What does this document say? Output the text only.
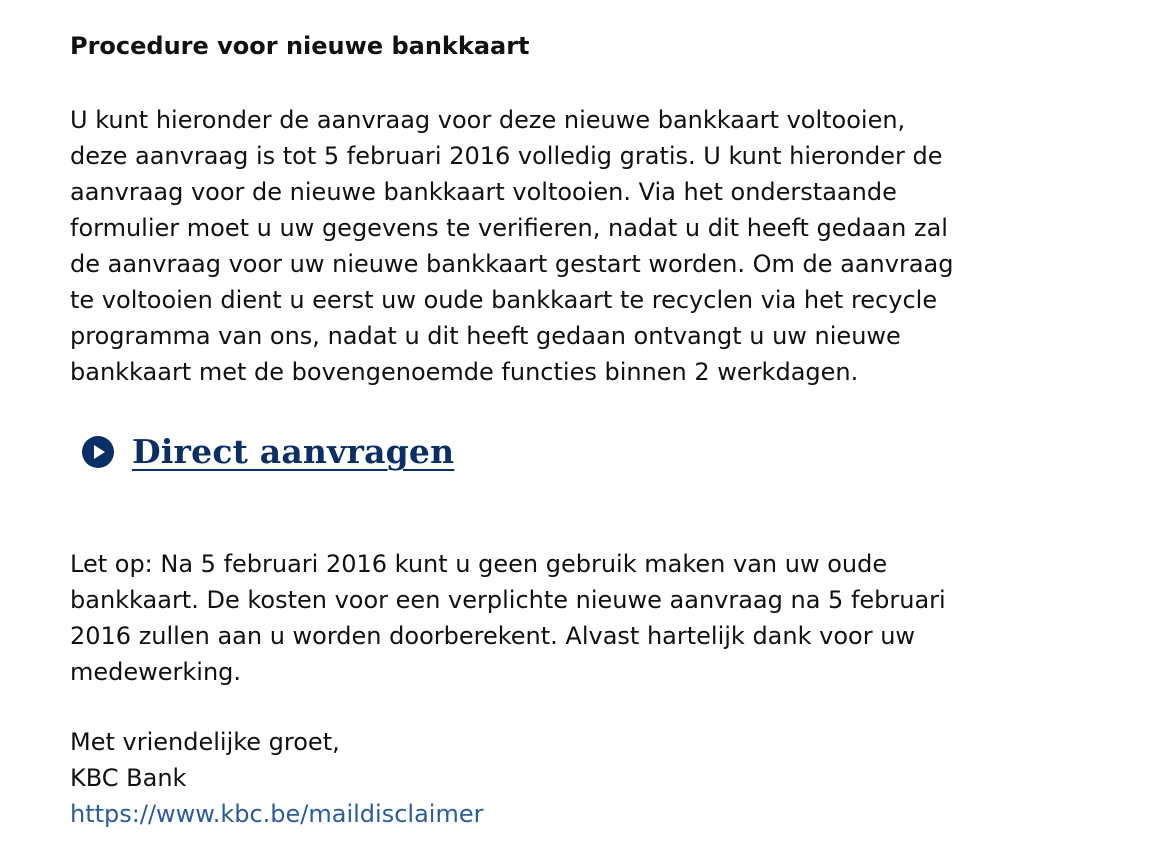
Procedure voor nieuwe bankkaart

U kunt hieronder de aanvraag voor deze nieuwe bankkaart voltooien,
deze aanvraag is tot 5 februari 2016 volledig gratis. U kunt hieronder de
aanvraag voor de nieuwe bankkaart voltooien. Via het onderstaande
formulier moet u uw gegevens te verifieren, nadat u dit heeft gedaan zal
de aanvraag voor uw nieuwe bankkaart gestart worden. Om de aanvraag
te voltooien dient u eerst uw oude bankkaart te recyclen via het recycle
programma van ons, nadat u dit heeft gedaan ontvangt u uw nieuwe
bankkaart met de bovengenoemde functies binnen 2 werkdagen.

Direct aanvragen

Let op: Na 5 februari 2016 kunt u geen gebruik maken van uw oude
bankkaart. De kosten voor een verplichte nieuwe aanvraag na 5 februari
2016 zullen aan u worden doorberekent. Alvast hartelijk dank voor uw
medewerking.

Met vriendelijke groet,
KBC Bank
https://www.kbc.be/maildisclaimer
